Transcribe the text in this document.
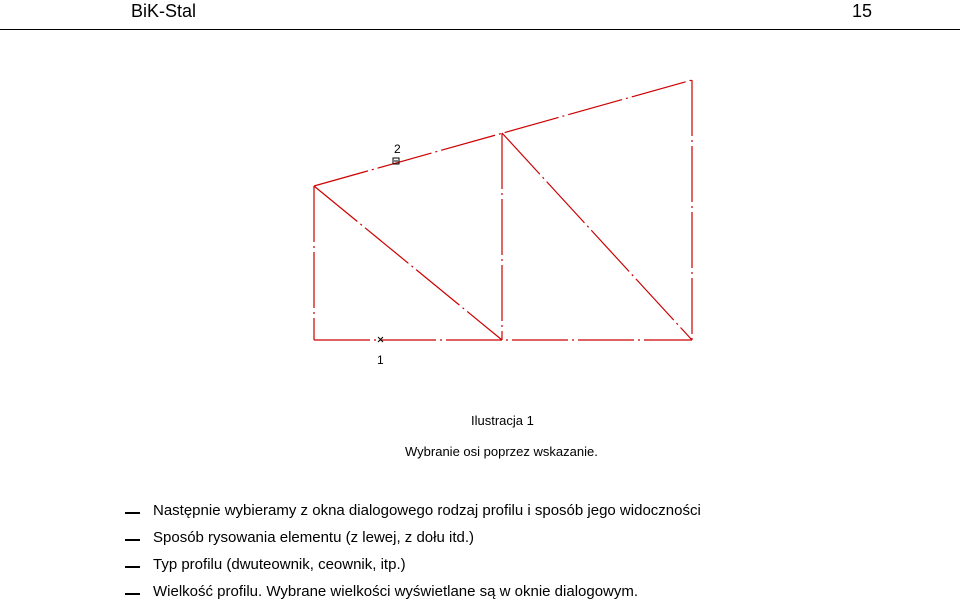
BiK-Stal	15
2
1
Ilustracja 1
Wybranie osi poprzez wskazanie.
Następnie wybieramy z okna dialogowego rodzaj profilu i sposób jego widoczności
Sposób rysowania elementu (z lewej, z dołu itd.)
Typ profilu (dwuteownik, ceownik, itp.)
Wielkość profilu. Wybrane wielkości wyświetlane są w oknie dialogowym.
